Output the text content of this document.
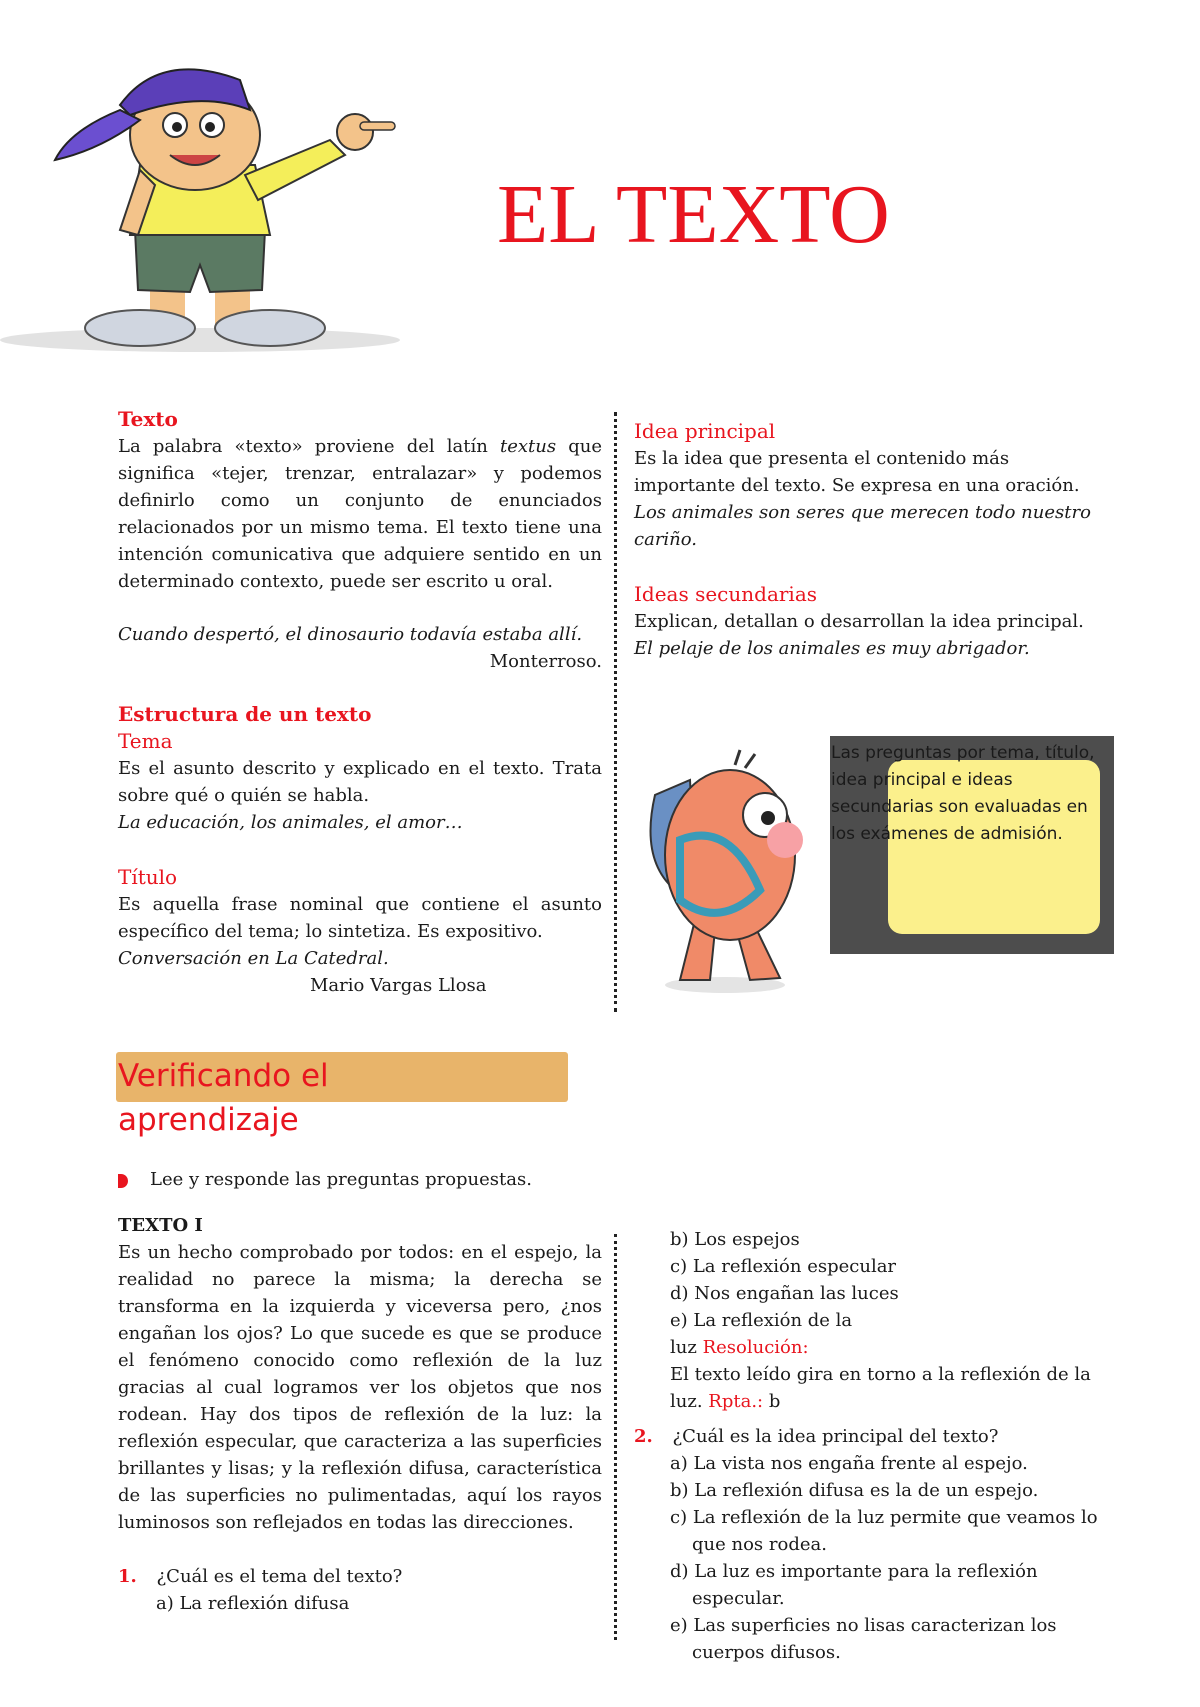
EL TEXTO
Texto
La palabra «texto» proviene del latín textus que significa «tejer, trenzar, entralazar» y podemos definirlo como un conjunto de enunciados relacionados por un mismo tema. El texto tiene una intención comunicativa que adquiere sentido en un determinado contexto, puede ser escrito u oral.
Cuando despertó, el dinosaurio todavía estaba allí.
Monterroso.
Estructura de un texto
Tema
Es el asunto descrito y explicado en el texto. Trata sobre qué o quién se habla.
La educación, los animales, el amor…
Título
Es aquella frase nominal que contiene el asunto específico del tema; lo sintetiza. Es expositivo.
Conversación en La Catedral.
Mario Vargas Llosa
Idea principal
Es la idea que presenta el contenido más importante del texto. Se expresa en una oración.
Los animales son seres que merecen todo nuestro cariño.
Ideas secundarias
Explican, detallan o desarrollan la idea principal.
El pelaje de los animales es muy abrigador.
Las preguntas por tema, título, idea principal e ideas secundarias son evaluadas en los exámenes de admisión.
Verificando el aprendizaje
Lee y responde las preguntas propuestas.
TEXTO I
Es un hecho comprobado por todos: en el espejo, la realidad no parece la misma; la derecha se transforma en la izquierda y viceversa pero, ¿nos engañan los ojos? Lo que sucede es que se produce el fenómeno conocido como reflexión de la luz gracias al cual logramos ver los objetos que nos rodean. Hay dos tipos de reflexión de la luz: la reflexión especular, que caracteriza a las superficies brillantes y lisas; y la reflexión difusa, característica de las superficies no pulimentadas, aquí los rayos luminosos son reflejados en todas las direcciones.
1. ¿Cuál es el tema del texto?
a) La reflexión difusa
b) Los espejos
c) La reflexión especular
d) Nos engañan las luces
e) La reflexión de la
luz Resolución:
El texto leído gira en torno a la reflexión de la luz. Rpta.: b
2. ¿Cuál es la idea principal del texto?
a) La vista nos engaña frente al espejo.
b) La reflexión difusa es la de un espejo.
c) La reflexión de la luz permite que veamos lo que nos rodea.
d) La luz es importante para la reflexión especular.
e) Las superficies no lisas caracterizan los cuerpos difusos.
